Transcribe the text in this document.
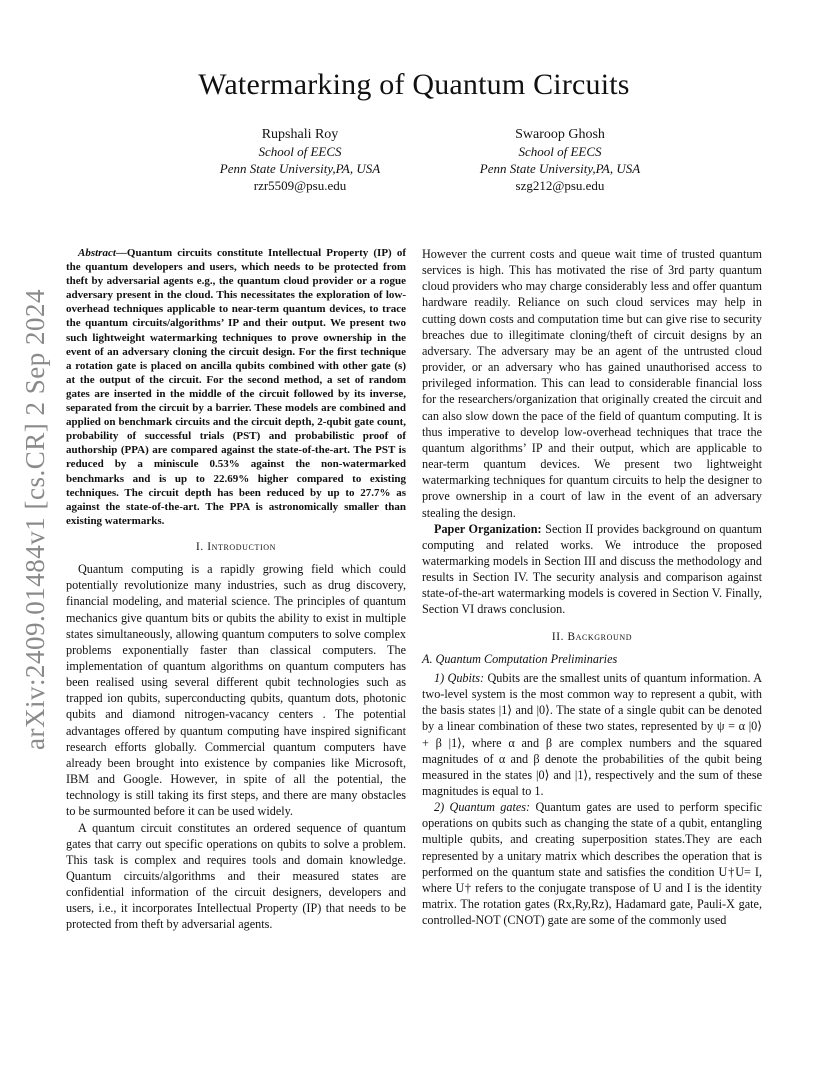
Watermarking of Quantum Circuits
Rupshali Roy
School of EECS
Penn State University,PA, USA
rzr5509@psu.edu
Swaroop Ghosh
School of EECS
Penn State University,PA, USA
szg212@psu.edu
arXiv:2409.01484v1 [cs.CR] 2 Sep 2024

Abstract—Quantum circuits constitute Intellectual Property (IP) of the quantum developers and users, which needs to be protected from theft by adversarial agents e.g., the quantum cloud provider or a rogue adversary present in the cloud. This necessitates the exploration of low-overhead techniques applicable to near-term quantum devices, to trace the quantum circuits/algorithms’ IP and their output. We present two such lightweight watermarking techniques to prove ownership in the event of an adversary cloning the circuit design. For the first technique a rotation gate is placed on ancilla qubits combined with other gate (s) at the output of the circuit. For the second method, a set of random gates are inserted in the middle of the circuit followed by its inverse, separated from the circuit by a barrier. These models are combined and applied on benchmark circuits and the circuit depth, 2-qubit gate count, probability of successful trials (PST) and probabilistic proof of authorship (PPA) are compared against the state-of-the-art. The PST is reduced by a miniscule 0.53% against the non-watermarked benchmarks and is up to 22.69% higher compared to existing techniques. The circuit depth has been reduced by up to 27.7% as against the state-of-the-art. The PPA is astronomically smaller than existing watermarks.

I. Introduction

Quantum computing is a rapidly growing field which could potentially revolutionize many industries, such as drug discovery, financial modeling, and material science. The principles of quantum mechanics give quantum bits or qubits the ability to exist in multiple states simultaneously, allowing quantum computers to solve complex problems exponentially faster than classical computers. The implementation of quantum algorithms on quantum computers has been realised using several different qubit technologies such as trapped ion qubits, superconducting qubits, quantum dots, photonic qubits and diamond nitrogen-vacancy centers . The potential advantages offered by quantum computing have inspired significant research efforts globally. Commercial quantum computers have already been brought into existence by companies like Microsoft, IBM and Google. However, in spite of all the potential, the technology is still taking its first steps, and there are many obstacles to be surmounted before it can be used widely.

A quantum circuit constitutes an ordered sequence of quantum gates that carry out specific operations on qubits to solve a problem. This task is complex and requires tools and domain knowledge. Quantum circuits/algorithms and their measured states are confidential information of the circuit designers, developers and users, i.e., it incorporates Intellectual Property (IP) that needs to be protected from theft by adversarial agents.

However the current costs and queue wait time of trusted quantum services is high. This has motivated the rise of 3rd party quantum cloud providers who may charge considerably less and offer quantum hardware readily. Reliance on such cloud services may help in cutting down costs and computation time but can give rise to security breaches due to illegitimate cloning/theft of circuit designs by an adversary. The adversary may be an agent of the untrusted cloud provider, or an adversary who has gained unauthorised access to privileged information. This can lead to considerable financial loss for the researchers/organization that originally created the circuit and can also slow down the pace of the field of quantum computing. It is thus imperative to develop low-overhead techniques that trace the quantum algorithms’ IP and their output, which are applicable to near-term quantum devices. We present two lightweight watermarking techniques for quantum circuits to help the designer to prove ownership in a court of law in the event of an adversary stealing the design.

Paper Organization: Section II provides background on quantum computing and related works. We introduce the proposed watermarking models in Section III and discuss the methodology and results in Section IV. The security analysis and comparison against state-of-the-art watermarking models is covered in Section V. Finally, Section VI draws conclusion.

II. Background
A. Quantum Computation Preliminaries

1) Qubits: Qubits are the smallest units of quantum information. A two-level system is the most common way to represent a qubit, with the basis states |1⟩ and |0⟩. The state of a single qubit can be denoted by a linear combination of these two states, represented by ψ = α |0⟩ + β |1⟩, where α and β are complex numbers and the squared magnitudes of α and β denote the probabilities of the qubit being measured in the states |0⟩ and |1⟩, respectively and the sum of these magnitudes is equal to 1.

2) Quantum gates: Quantum gates are used to perform specific operations on qubits such as changing the state of a qubit, entangling multiple qubits, and creating superposition states.They are each represented by a unitary matrix which describes the operation that is performed on the quantum state and satisfies the condition U†U= I, where U† refers to the conjugate transpose of U and I is the identity matrix. The rotation gates (Rx,Ry,Rz), Hadamard gate, Pauli-X gate, controlled-NOT (CNOT) gate are some of the commonly used
